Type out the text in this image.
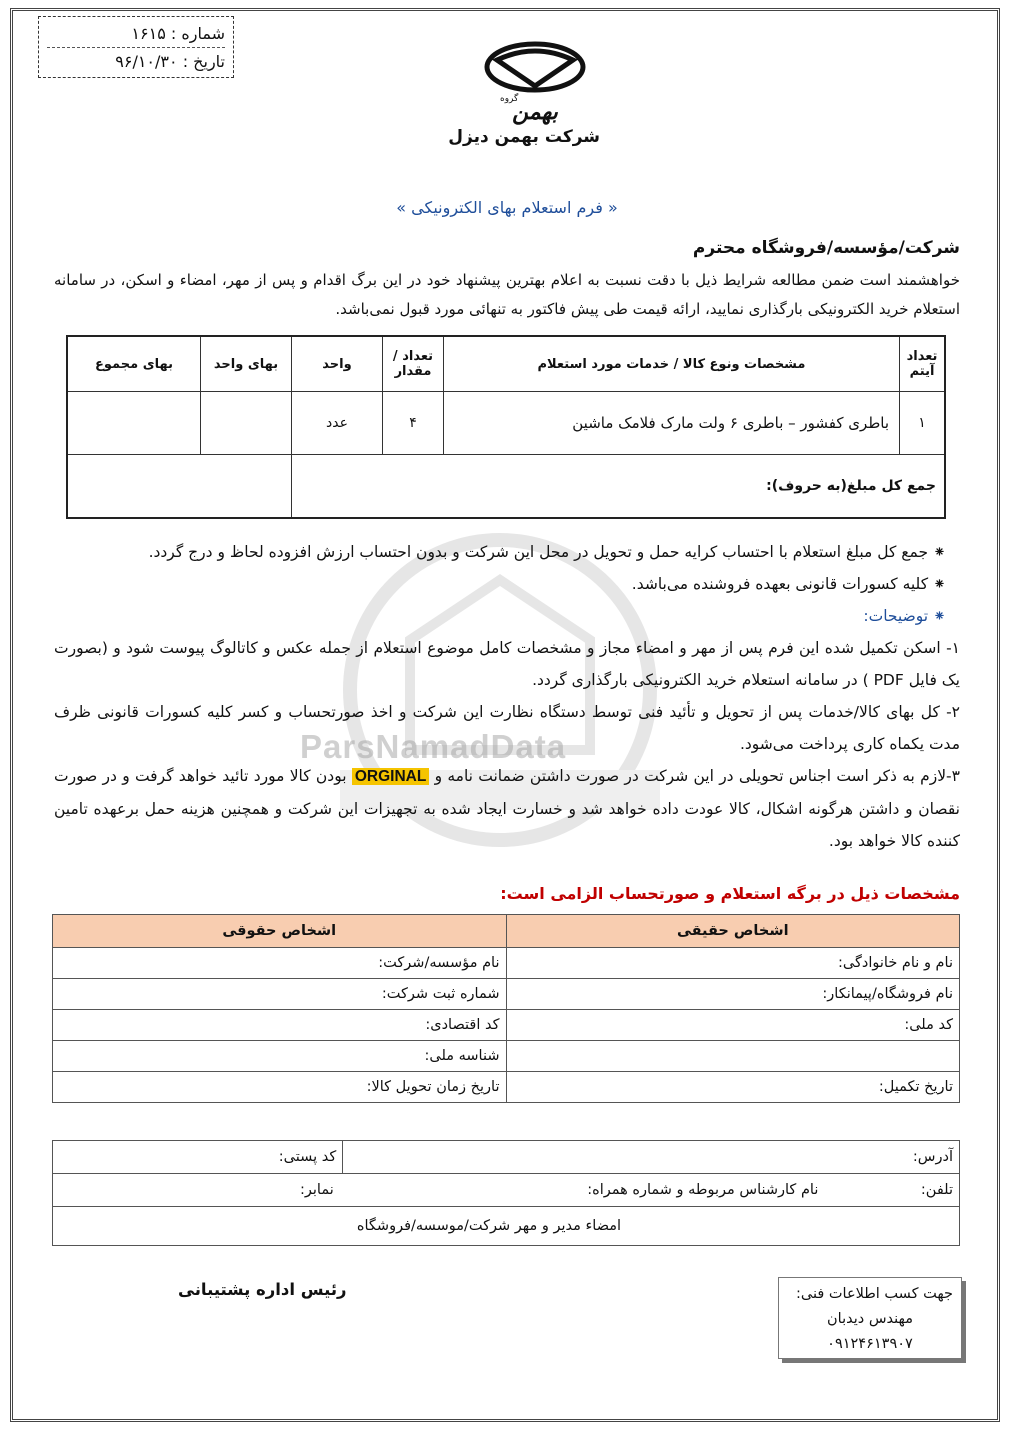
ParsNamadData
شماره : ۱۶۱۵
تاریخ : ۹۶/۱۰/۳۰
گروه
بهمن
شرکت بهمن دیزل
« فرم استعلام بهای الکترونیکی »
شرکت/مؤسسه/فروشگاه محترم
خواهشمند است ضمن مطالعه شرایط ذیل با دقت نسبت به اعلام بهترین پیشنهاد خود در این برگ اقدام و پس از مهر، امضاء و اسکن، در سامانه استعلام خرید الکترونیکی بارگذاری نمایید، ارائه قیمت طی پیش فاکتور به تنهائی مورد قبول نمی‌باشد.
تعداد آیتم	مشخصات ونوع کالا / خدمات مورد استعلام	تعداد / مقدار	واحد	بهای واحد	بهای مجموع
۱	باطری کفشور – باطری ۶ ولت مارک فلامک ماشین	۴	عدد		
جمع کل مبلغ(به حروف):					
⁕ جمع کل مبلغ استعلام با احتساب کرایه حمل و تحویل در محل این شرکت و بدون احتساب ارزش افزوده لحاظ و درج گردد.
⁕ کلیه کسورات قانونی بعهده فروشنده می‌باشد.
⁕ توضیحات:
۱- اسکن تکمیل شده این فرم پس از مهر و امضاء مجاز و مشخصات کامل موضوع استعلام از جمله عکس و کاتالوگ پیوست شود و (بصورت یک فایل PDF ) در سامانه استعلام خرید الکترونیکی بارگذاری گردد.
۲- کل بهای کالا/خدمات پس از تحویل و تأئید فنی توسط دستگاه نظارت این شرکت و اخذ صورتحساب و کسر کلیه کسورات قانونی ظرف مدت یکماه کاری پرداخت می‌شود.
۳-لازم به ذکر است اجناس تحویلی در این شرکت در صورت داشتن ضمانت نامه و ORGINAL بودن کالا مورد تائید خواهد گرفت و در صورت نقصان و داشتن هرگونه اشکال، کالا عودت داده خواهد شد و خسارت ایجاد شده به تجهیزات این شرکت و همچنین هزینه حمل برعهده تامین کننده کالا خواهد بود.
مشخصات ذیل در برگه استعلام و صورتحساب الزامی است:
اشخاص حقیقی	اشخاص حقوقی
نام و نام خانوادگی:	نام مؤسسه/شرکت:
نام فروشگاه/پیمانکار:	شماره ثبت شرکت:
کد ملی:	کد اقتصادی:
	شناسه ملی:
تاریخ تکمیل:	تاریخ زمان تحویل کالا:
آدرس:	کد پستی:
تلفن: نام کارشناس مربوطه و شماره همراه: نمابر:
امضاء مدیر و مهر شرکت/موسسه/فروشگاه
رئیس اداره پشتیبانی	جهت کسب اطلاعات فنی:
مهندس دیدبان
۰۹۱۲۴۶۱۳۹۰۷
